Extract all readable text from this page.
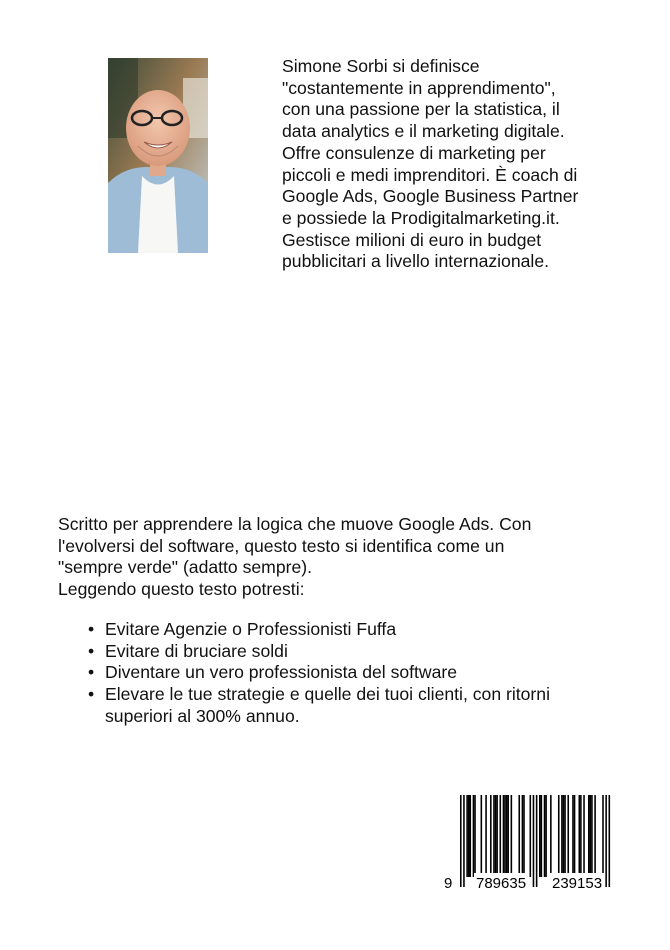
Simone Sorbi si definisce
"costantemente in apprendimento",
con una passione per la statistica, il
data analytics e il marketing digitale.
Offre consulenze di marketing per
piccoli e medi imprenditori. È coach di
Google Ads, Google Business Partner
e possiede la Prodigitalmarketing.it.
Gestisce milioni di euro in budget
pubblicitari a livello internazionale.

Scritto per apprendere la logica che muove Google Ads. Con
l'evolversi del software, questo testo si identifica come un
"sempre verde" (adatto sempre).
Leggendo questo testo potresti:

• Evitare Agenzie o Professionisti Fuffa
• Evitare di bruciare soldi
• Diventare un vero professionista del software
• Elevare le tue strategie e quelle dei tuoi clienti, con ritorni
superiori al 300% annuo.
9 789635 239153
